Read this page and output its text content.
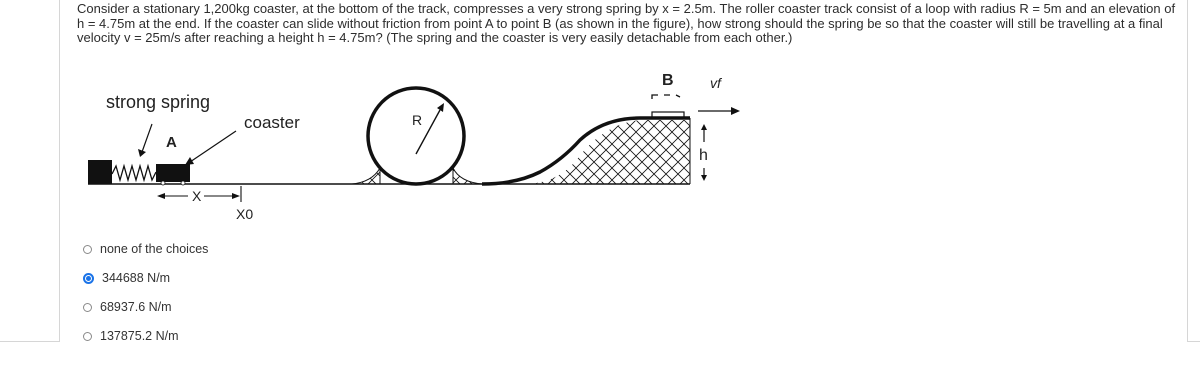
Consider a stationary 1,200kg coaster, at the bottom of the track, compresses a very strong spring by x = 2.5m. The roller coaster track consist of a loop with radius R = 5m and an elevation of h = 4.75m at the end. If the coaster can slide without friction from point A to point B (as shown in the figure), how strong should the spring be so that the coaster will still be travelling at a final velocity v = 25m/s after reaching a height h = 4.75m? (The spring and the coaster is very easily detachable from each other.)
strong spring
A
coaster	R
B	vf
h
X
X0
none of the choices
344688 N/m
68937.6 N/m
137875.2 N/m
